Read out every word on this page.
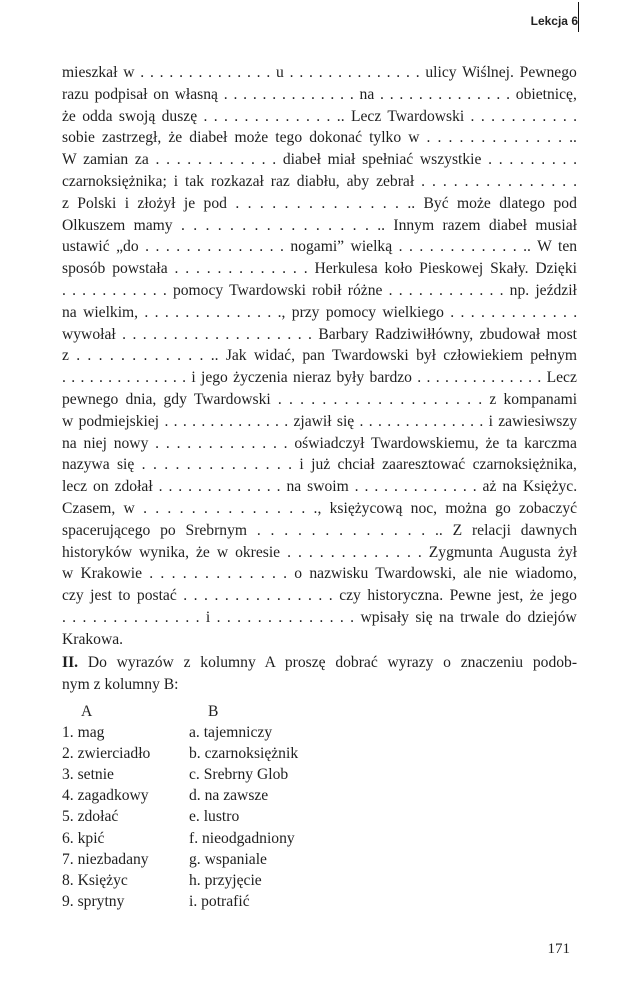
Lekcja 6
mieszkał w . . . . . . . . . . . . . . u . . . . . . . . . . . . . . ulicy Wiślnej. Pewnego
razu podpisał on własną . . . . . . . . . . . . . . na . . . . . . . . . . . . . . obietnicę,
że odda swoją duszę . . . . . . . . . . . . . .. Lecz Twardowski . . . . . . . . . . .
sobie zastrzegł, że diabeł może tego dokonać tylko w . . . . . . . . . . . . . ..
W zamian za . . . . . . . . . . . . diabeł miał spełniać wszystkie . . . . . . . . .
czarnoksiężnika; i tak rozkazał raz diabłu, aby zebrał . . . . . . . . . . . . . . .
z Polski i złożył je pod . . . . . . . . . . . . . . .. Być może dlatego pod
Olkuszem mamy . . . . . . . . . . . . . . . . .. Innym razem diabeł musiał
ustawić „do . . . . . . . . . . . . . . nogami” wielką . . . . . . . . . . . . .. W ten
sposób powstała . . . . . . . . . . . . . Herkulesa koło Pieskowej Skały. Dzięki
. . . . . . . . . . . pomocy Twardowski robił różne . . . . . . . . . . . . np. jeździł
na wielkim, . . . . . . . . . . . . . ., przy pomocy wielkiego . . . . . . . . . . . . .
wywołał . . . . . . . . . . . . . . . . . . . Barbary Radziwiłłówny, zbudował most
z . . . . . . . . . . . . .. Jak widać, pan Twardowski był człowiekiem pełnym
. . . . . . . . . . . . . . i jego życzenia nieraz były bardzo . . . . . . . . . . . . . . Lecz
pewnego dnia, gdy Twardowski . . . . . . . . . . . . . . . . . . . z kompanami
w podmiejskiej . . . . . . . . . . . . . . zjawił się . . . . . . . . . . . . . . i zawiesiwszy
na niej nowy . . . . . . . . . . . . . oświadczył Twardowskiemu, że ta karczma
nazywa się . . . . . . . . . . . . . . i już chciał zaaresztować czarnoksiężnika,
lecz on zdołał . . . . . . . . . . . . . na swoim . . . . . . . . . . . . . aż na Księżyc.
Czasem, w . . . . . . . . . . . . . . ., księżycową noc, można go zobaczyć
spacerującego po Srebrnym . . . . . . . . . . . . . .. Z relacji dawnych
historyków wynika, że w okresie . . . . . . . . . . . . . Zygmunta Augusta żył
w Krakowie . . . . . . . . . . . . . o nazwisku Twardowski, ale nie wiadomo,
czy jest to postać . . . . . . . . . . . . . . . czy historyczna. Pewne jest, że jego
. . . . . . . . . . . . . . i . . . . . . . . . . . . . . wpisały się na trwale do dziejów
Krakowa.
II. Do wyrazów z kolumny A proszę dobrać wyrazy o znaczeniu podob-
nym z kolumny B:
A	B
1. mag	a. tajemniczy
2. zwierciadło	b. czarnoksiężnik
3. setnie	c. Srebrny Glob
4. zagadkowy	d. na zawsze
5. zdołać	e. lustro
6. kpić	f. nieodgadniony
7. niezbadany	g. wspaniale
8. Księżyc	h. przyjęcie
9. sprytny	i. potrafić
171
